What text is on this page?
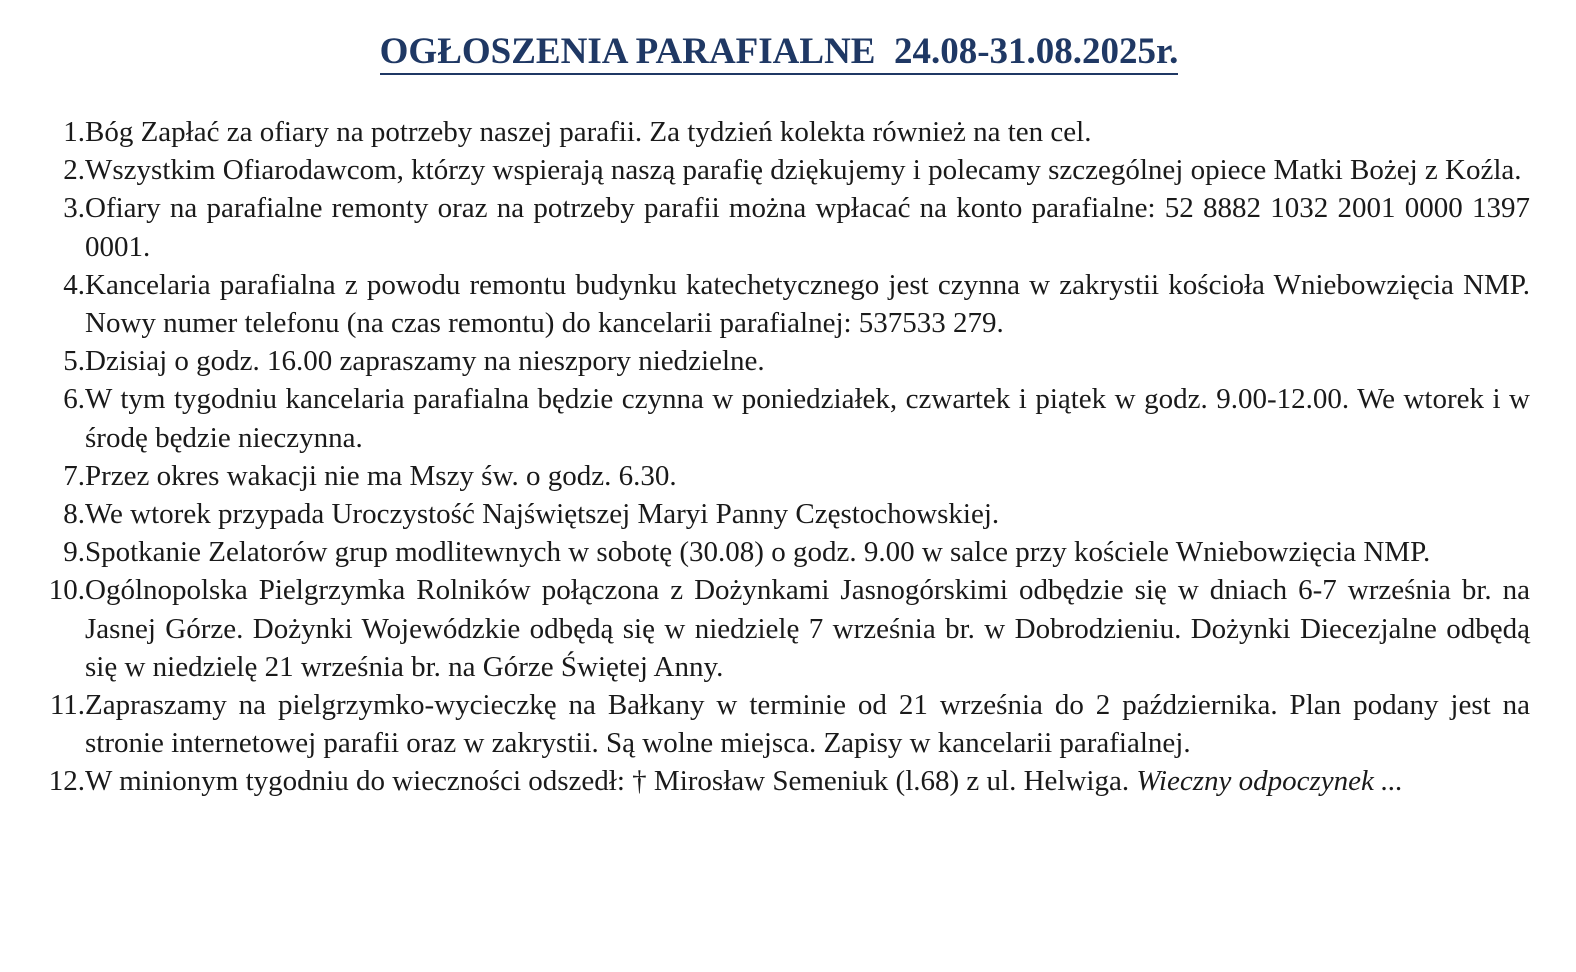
OGŁOSZENIA PARAFIALNE  24.08-31.08.2025r.
1. Bóg Zapłać za ofiary na potrzeby naszej parafii. Za tydzień kolekta również na ten cel.
2. Wszystkim Ofiarodawcom, którzy wspierają naszą parafię dziękujemy i polecamy szczególnej opiece Matki Bożej z Koźla.
3. Ofiary na parafialne remonty oraz na potrzeby parafii można wpłacać na konto parafialne: 52 8882 1032 2001 0000 1397 0001.
4. Kancelaria parafialna z powodu remontu budynku katechetycznego jest czynna w zakrystii kościoła Wniebowzięcia NMP. Nowy numer telefonu (na czas remontu) do kancelarii parafialnej: 537533 279.
5. Dzisiaj o godz. 16.00 zapraszamy na nieszpory niedzielne.
6. W tym tygodniu kancelaria parafialna będzie czynna w poniedziałek, czwartek i piątek w godz. 9.00-12.00. We wtorek i w środę będzie nieczynna.
7. Przez okres wakacji nie ma Mszy św. o godz. 6.30.
8. We wtorek przypada Uroczystość Najświętszej Maryi Panny Częstochowskiej.
9. Spotkanie Zelatorów grup modlitewnych w sobotę (30.08) o godz. 9.00 w salce przy kościele Wniebowzięcia NMP.
10. Ogólnopolska Pielgrzymka Rolników połączona z Dożynkami Jasnogórskimi odbędzie się w dniach 6-7 września br. na Jasnej Górze. Dożynki Wojewódzkie odbędą się w niedzielę 7 września br. w Dobrodzieniu. Dożynki Diecezjalne odbędą się w niedzielę 21 września br. na Górze Świętej Anny.
11. Zapraszamy na pielgrzymko-wycieczkę na Bałkany w terminie od 21 września do 2 października. Plan podany jest na stronie internetowej parafii oraz w zakrystii. Są wolne miejsca. Zapisy w kancelarii parafialnej.
12. W minionym tygodniu do wieczności odszedł: † Mirosław Semeniuk (l.68) z ul. Helwiga. Wieczny odpoczynek ...
